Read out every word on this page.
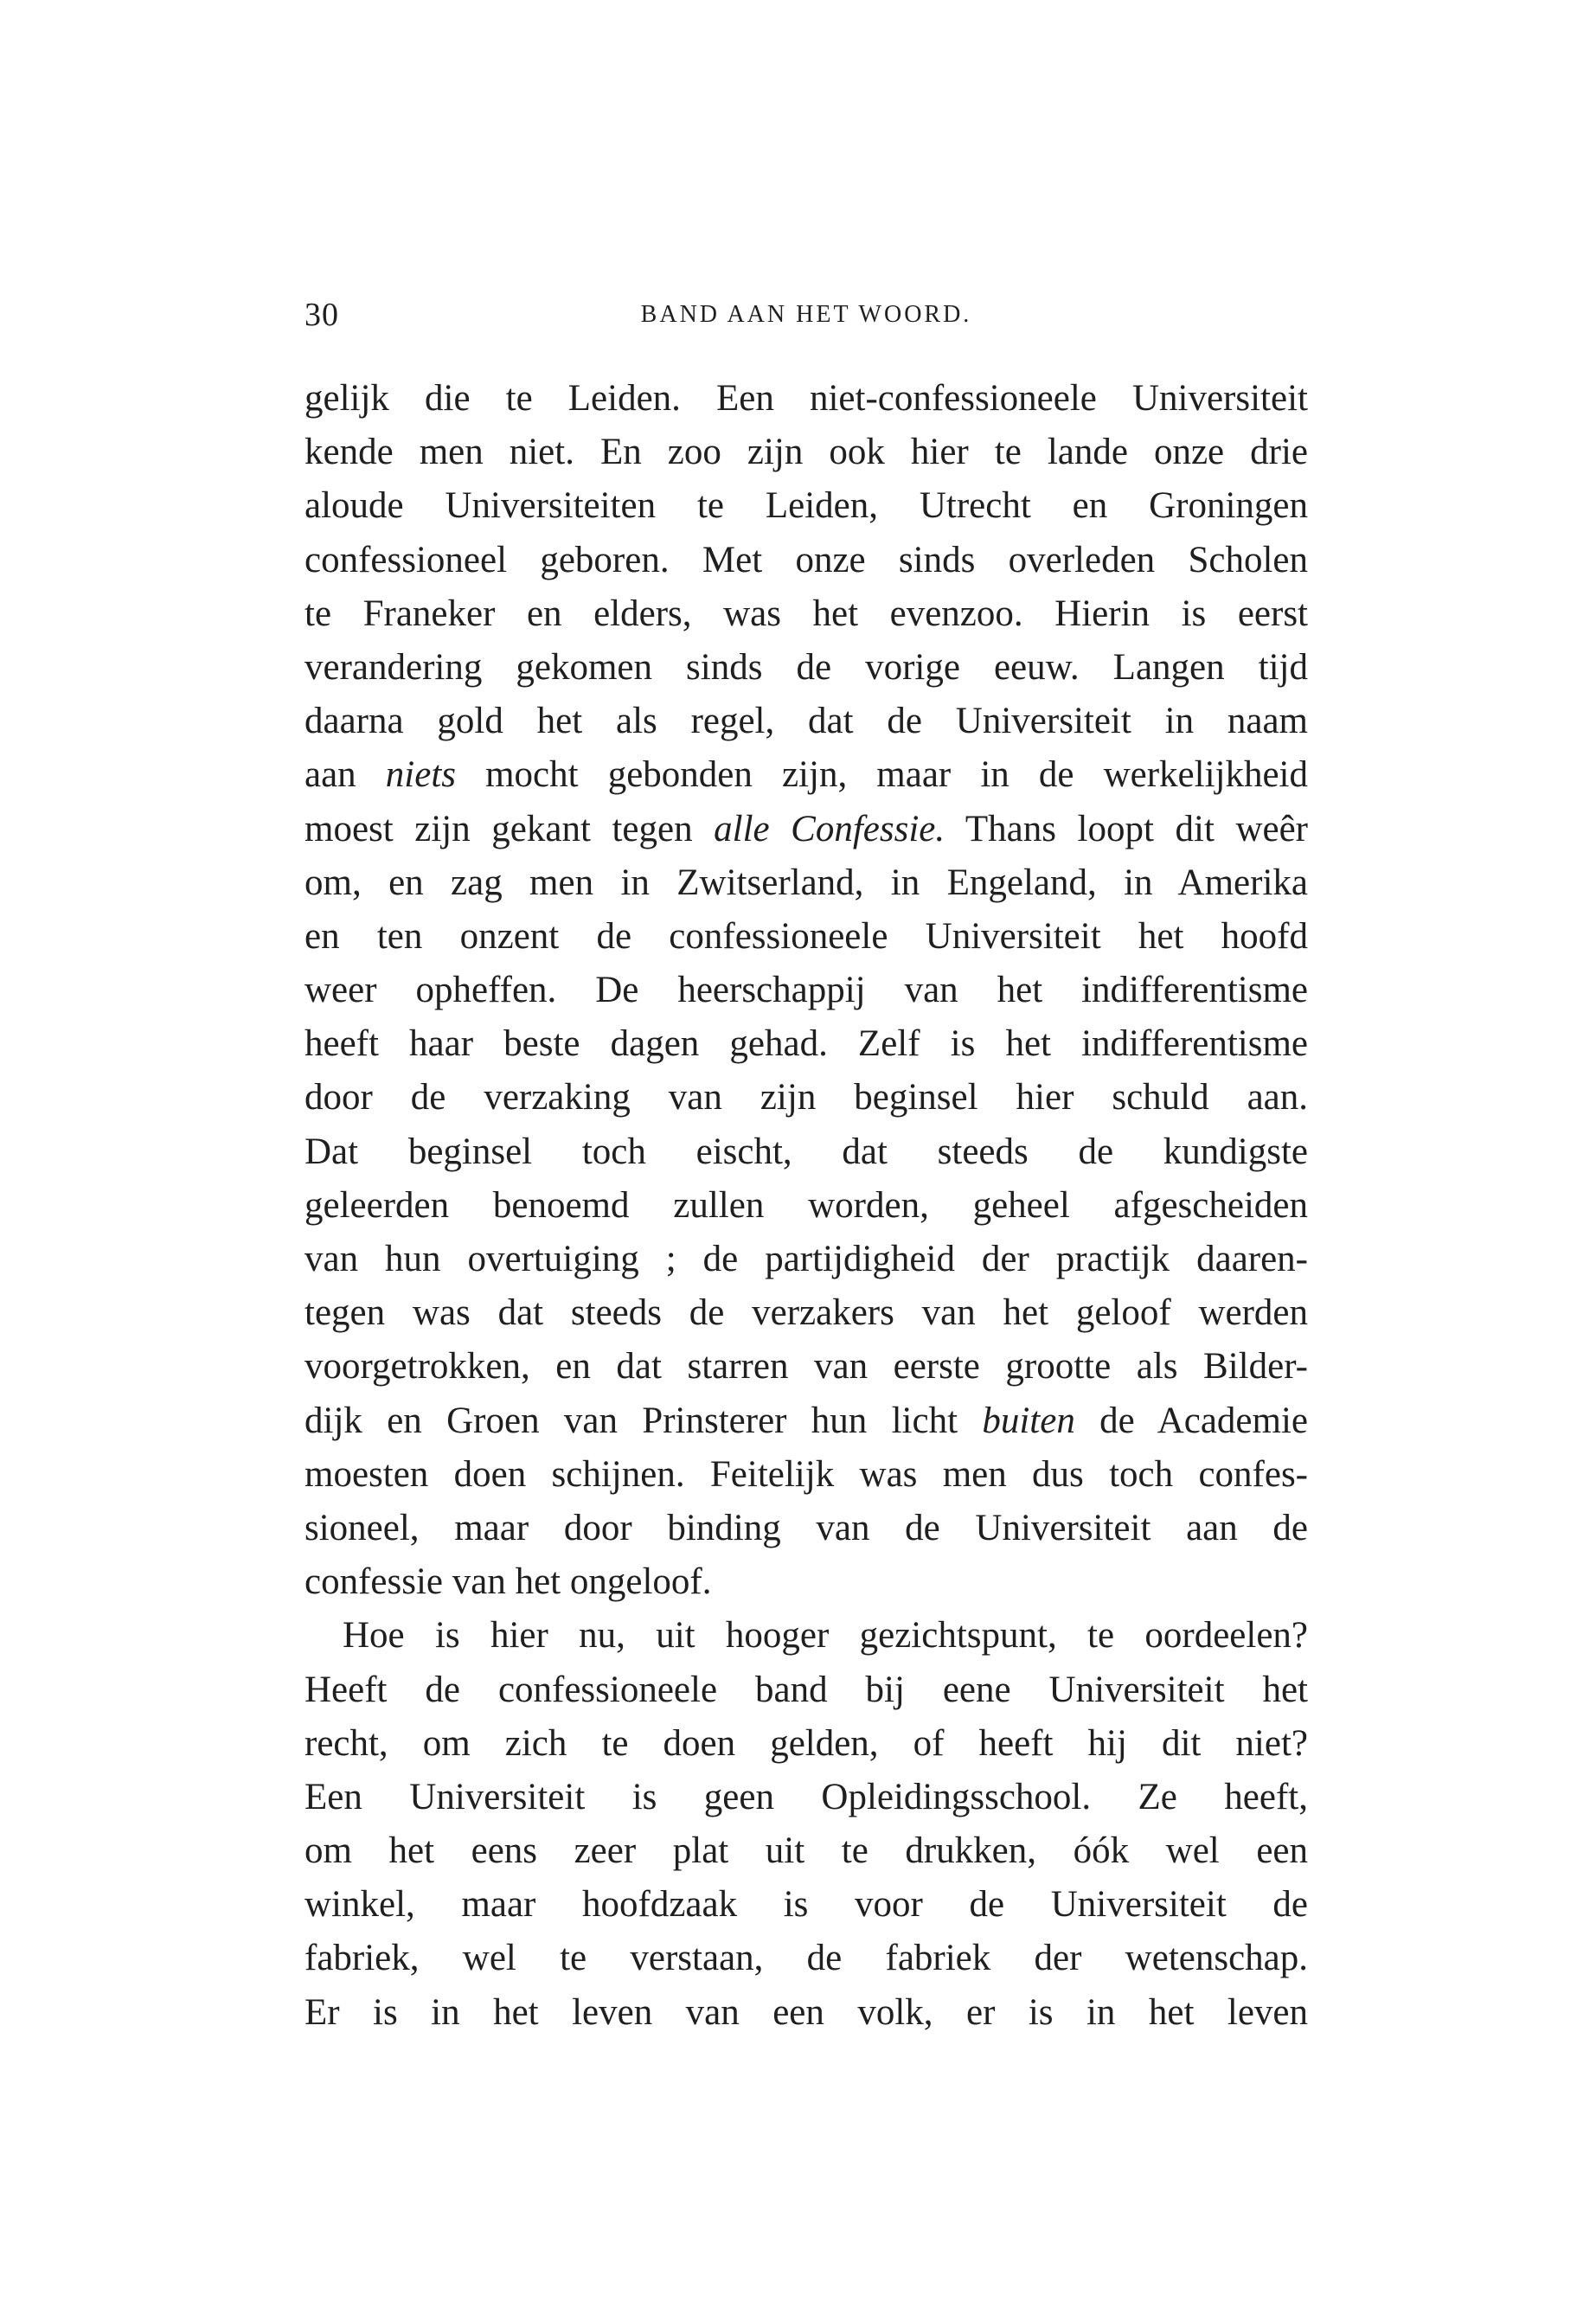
30	BAND AAN HET WOORD.
gelijk die te Leiden. Een niet-confessioneele Universiteit
kende men niet. En zoo zijn ook hier te lande onze drie
aloude Universiteiten te Leiden, Utrecht en Groningen
confessioneel geboren. Met onze sinds overleden Scholen
te Franeker en elders, was het evenzoo. Hierin is eerst
verandering gekomen sinds de vorige eeuw. Langen tijd
daarna gold het als regel, dat de Universiteit in naam
aan niets mocht gebonden zijn, maar in de werkelijkheid
moest zijn gekant tegen alle Confessie. Thans loopt dit weêr
om, en zag men in Zwitserland, in Engeland, in Amerika
en ten onzent de confessioneele Universiteit het hoofd
weer opheffen. De heerschappij van het indifferentisme
heeft haar beste dagen gehad. Zelf is het indifferentisme
door de verzaking van zijn beginsel hier schuld aan.
Dat beginsel toch eischt, dat steeds de kundigste
geleerden benoemd zullen worden, geheel afgescheiden
van hun overtuiging ; de partijdigheid der practijk daaren-
tegen was dat steeds de verzakers van het geloof werden
voorgetrokken, en dat starren van eerste grootte als Bilder-
dijk en Groen van Prinsterer hun licht buiten de Academie
moesten doen schijnen. Feitelijk was men dus toch confes-
sioneel, maar door binding van de Universiteit aan de
confessie van het ongeloof.
Hoe is hier nu, uit hooger gezichtspunt, te oordeelen?
Heeft de confessioneele band bij eene Universiteit het
recht, om zich te doen gelden, of heeft hij dit niet?
Een Universiteit is geen Opleidingsschool. Ze heeft,
om het eens zeer plat uit te drukken, óók wel een
winkel, maar hoofdzaak is voor de Universiteit de
fabriek, wel te verstaan, de fabriek der wetenschap.
Er is in het leven van een volk, er is in het leven
